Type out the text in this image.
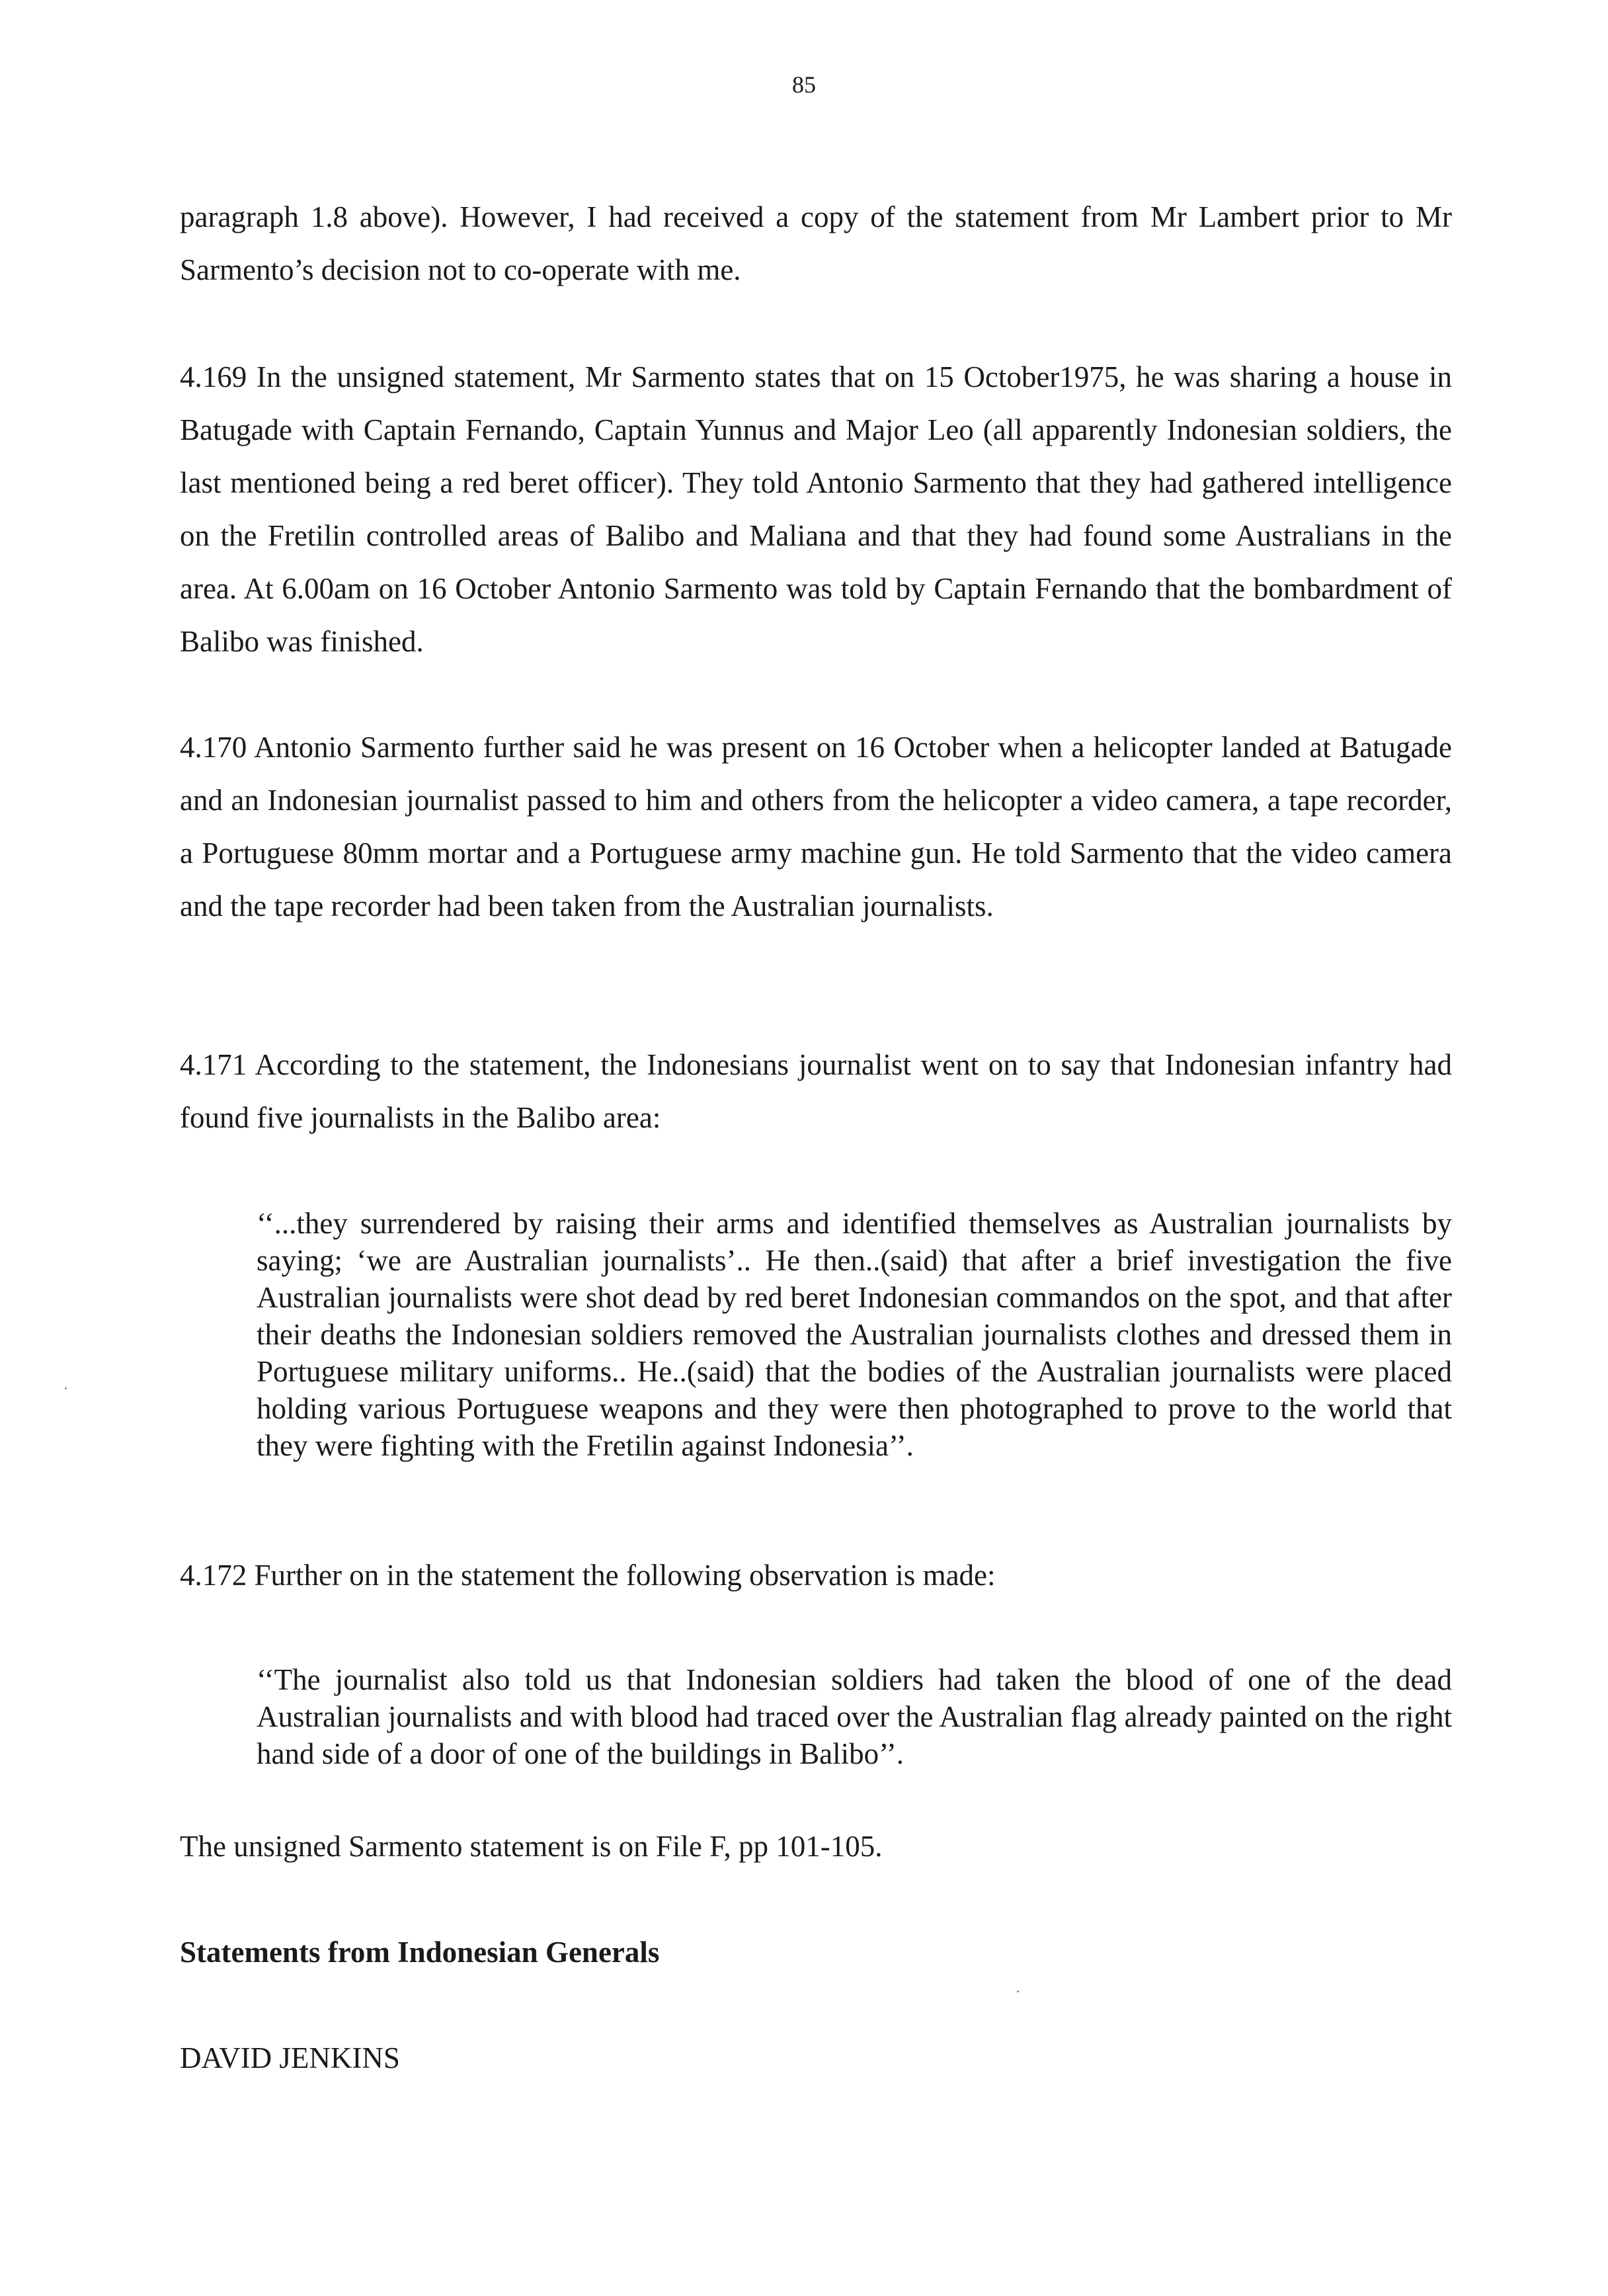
85

paragraph 1.8 above). However, I had received a copy of the statement from Mr Lambert prior to Mr Sarmento’s decision not to co-operate with me.

4.169 In the unsigned statement, Mr Sarmento states that on 15 October1975, he was sharing a house in Batugade with Captain Fernando, Captain Yunnus and Major Leo (all apparently Indonesian soldiers, the last mentioned being a red beret officer). They told Antonio Sarmento that they had gathered intelligence on the Fretilin controlled areas of Balibo and Maliana and that they had found some Australians in the area. At 6.00am on 16 October Antonio Sarmento was told by Captain Fernando that the bombardment of Balibo was finished.

4.170 Antonio Sarmento further said he was present on 16 October when a helicopter landed at Batugade and an Indonesian journalist passed to him and others from the helicopter a video camera, a tape recorder, a Portuguese 80mm mortar and a Portuguese army machine gun. He told Sarmento that the video camera and the tape recorder had been taken from the Australian journalists.

4.171 According to the statement, the Indonesians journalist went on to say that Indonesian infantry had found five journalists in the Balibo area:

‘‘...they surrendered by raising their arms and identified themselves as Australian journalists by saying; ‘we are Australian journalists’.. He then..(said) that after a brief investigation the five Australian journalists were shot dead by red beret Indonesian commandos on the spot, and that after their deaths the Indonesian soldiers removed the Australian journalists clothes and dressed them in Portuguese military uniforms.. He..(said) that the bodies of the Australian journalists were placed holding various Portuguese weapons and they were then photographed to prove to the world that they were fighting with the Fretilin against Indonesia’’.

4.172 Further on in the statement the following observation is made:

‘‘The journalist also told us that Indonesian soldiers had taken the blood of one of the dead Australian journalists and with blood had traced over the Australian flag already painted on the right hand side of a door of one of the buildings in Balibo’’.

The unsigned Sarmento statement is on File F, pp 101-105.

Statements from Indonesian Generals

DAVID JENKINS
